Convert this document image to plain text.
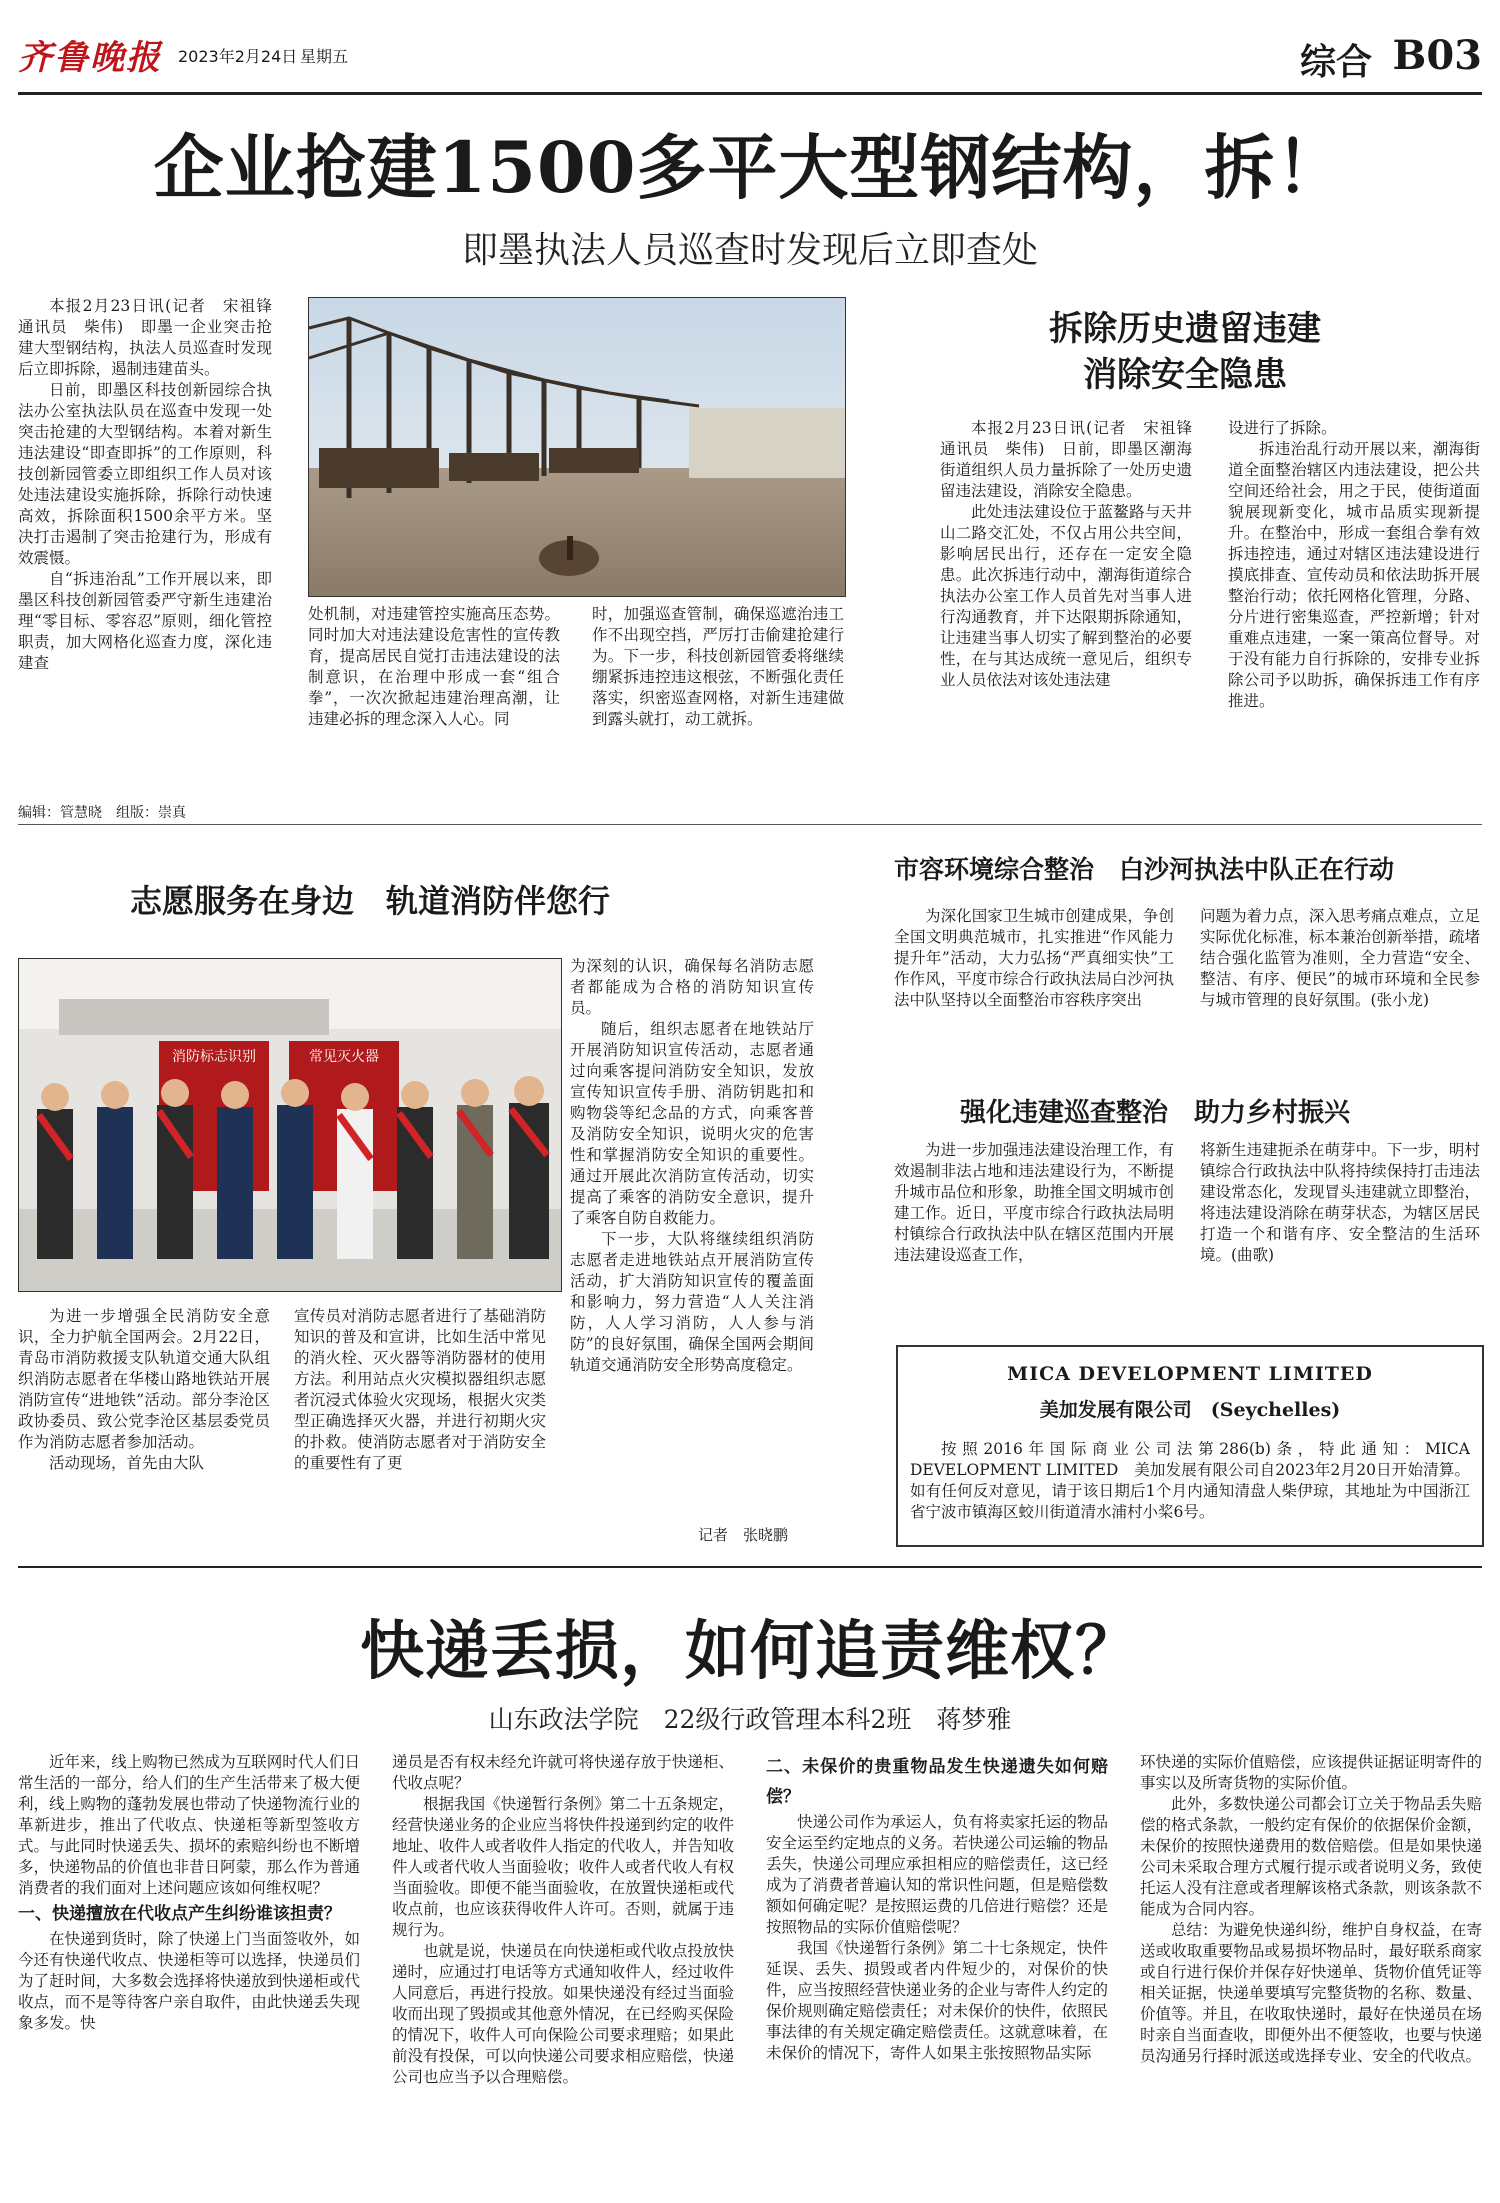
齐鲁晚报 2023年2月24日 星期五	综合 B03
企业抢建1500多平大型钢结构，拆！
即墨执法人员巡查时发现后立即查处

本报2月23日讯(记者　宋祖锋　通讯员　柴伟)　即墨一企业突击抢建大型钢结构，执法人员巡查时发现后立即拆除，遏制违建苗头。

日前，即墨区科技创新园综合执法办公室执法队员在巡查中发现一处突击抢建的大型钢结构。本着对新生违法建设“即查即拆”的工作原则，科技创新园管委立即组织工作人员对该处违法建设实施拆除，拆除行动快速高效，拆除面积1500余平方米。坚决打击遏制了突击抢建行为，形成有效震慑。

自“拆违治乱”工作开展以来，即墨区科技创新园管委严守新生违建治理“零目标、零容忍”原则，细化管控职责，加大网格化巡查力度，深化违建查

处机制，对违建管控实施高压态势。同时加大对违法建设危害性的宣传教育，提高居民自觉打击违法建设的法制意识，在治理中形成一套“组合拳”，一次次掀起违建治理高潮，让违建必拆的理念深入人心。同

时，加强巡查管制，确保巡遮治违工作不出现空挡，严厉打击偷建抢建行为。下一步，科技创新园管委将继续绷紧拆违控违这根弦，不断强化责任落实，织密巡查网格，对新生违建做到露头就打，动工就拆。

拆除历史遗留违建
消除安全隐患

本报2月23日讯(记者　宋祖锋　通讯员　柴伟)　日前，即墨区潮海街道组织人员力量拆除了一处历史遗留违法建设，消除安全隐患。

此处违法建设位于蓝鳌路与天井山二路交汇处，不仅占用公共空间，影响居民出行，还存在一定安全隐患。此次拆违行动中，潮海街道综合执法办公室工作人员首先对当事人进行沟通教育，并下达限期拆除通知，让违建当事人切实了解到整治的必要性，在与其达成统一意见后，组织专业人员依法对该处违法建

设进行了拆除。

拆违治乱行动开展以来，潮海街道全面整治辖区内违法建设，把公共空间还给社会，用之于民，使街道面貌展现新变化，城市品质实现新提升。在整治中，形成一套组合拳有效拆违控违，通过对辖区违法建设进行摸底排查、宣传动员和依法助拆开展整治行动；依托网格化管理，分路、分片进行密集巡查，严控新增；针对重难点违建，一案一策高位督导。对于没有能力自行拆除的，安排专业拆除公司予以助拆，确保拆违工作有序推进。

编辑：管慧晓　组版：崇真
志愿服务在身边　轨道消防伴您行
消防标志识别	常见灭火器

为进一步增强全民消防安全意识，全力护航全国两会。2月22日，青岛市消防救援支队轨道交通大队组织消防志愿者在华楼山路地铁站开展消防宣传“进地铁”活动。部分李沧区政协委员、致公党李沧区基层委党员作为消防志愿者参加活动。

活动现场，首先由大队

宣传员对消防志愿者进行了基础消防知识的普及和宣讲，比如生活中常见的消火栓、灭火器等消防器材的使用方法。利用站点火灾模拟器组织志愿者沉浸式体验火灾现场，根据火灾类型正确选择灭火器，并进行初期火灾的扑救。使消防志愿者对于消防安全的重要性有了更

为深刻的认识，确保每名消防志愿者都能成为合格的消防知识宣传员。

随后，组织志愿者在地铁站厅开展消防知识宣传活动，志愿者通过向乘客提问消防安全知识，发放宣传知识宣传手册、消防钥匙扣和购物袋等纪念品的方式，向乘客普及消防安全知识，说明火灾的危害性和掌握消防安全知识的重要性。通过开展此次消防宣传活动，切实提高了乘客的消防安全意识，提升了乘客自防自救能力。

下一步，大队将继续组织消防志愿者走进地铁站点开展消防宣传活动，扩大消防知识宣传的覆盖面和影响力，努力营造“人人关注消防，人人学习消防，人人参与消防”的良好氛围，确保全国两会期间轨道交通消防安全形势高度稳定。

记者　张晓鹏
市容环境综合整治　白沙河执法中队正在行动

为深化国家卫生城市创建成果，争创全国文明典范城市，扎实推进“作风能力提升年”活动，大力弘扬“严真细实快”工作作风，平度市综合行政执法局白沙河执法中队坚持以全面整治市容秩序突出

问题为着力点，深入思考痛点难点，立足实际优化标准，标本兼治创新举措，疏堵结合强化监管为准则，全力营造“安全、整洁、有序、便民”的城市环境和全民参与城市管理的良好氛围。(张小龙)

强化违建巡查整治　助力乡村振兴

为进一步加强违法建设治理工作，有效遏制非法占地和违法建设行为，不断提升城市品位和形象，助推全国文明城市创建工作。近日，平度市综合行政执法局明村镇综合行政执法中队在辖区范围内开展违法建设巡查工作，

将新生违建扼杀在萌芽中。下一步，明村镇综合行政执法中队将持续保持打击违法建设常态化，发现冒头违建就立即整治，将违法建设消除在萌芽状态，为辖区居民打造一个和谐有序、安全整洁的生活环境。(曲歌)

MICA DEVELOPMENT LIMITED
美加发展有限公司　(Seychelles)

按照2016年国际商业公司法第286(b)条，特此通知：MICA DEVELOPMENT LIMITED　美加发展有限公司自2023年2月20日开始清算。如有任何反对意见，请于该日期后1个月内通知清盘人柴伊琼，其地址为中国浙江省宁波市镇海区蛟川街道清水浦村小桨6号。

快递丢损，如何追责维权？
山东政法学院　22级行政管理本科2班　蒋梦雅

近年来，线上购物已然成为互联网时代人们日常生活的一部分，给人们的生产生活带来了极大便利，线上购物的蓬勃发展也带动了快递物流行业的革新进步，推出了代收点、快递柜等新型签收方式。与此同时快递丢失、损坏的索赔纠纷也不断增多，快递物品的价值也非昔日阿蒙，那么作为普通消费者的我们面对上述问题应该如何维权呢？

一、快递擅放在代收点产生纠纷谁该担责？

在快递到货时，除了快递上门当面签收外，如今还有快递代收点、快递柜等可以选择，快递员们为了赶时间，大多数会选择将快递放到快递柜或代收点，而不是等待客户亲自取件，由此快递丢失现象多发。快

递员是否有权未经允许就可将快递存放于快递柜、代收点呢？

根据我国《快递暂行条例》第二十五条规定，经营快递业务的企业应当将快件投递到约定的收件地址、收件人或者收件人指定的代收人，并告知收件人或者代收人当面验收；收件人或者代收人有权当面验收。即便不能当面验收，在放置快递柜或代收点前，也应该获得收件人许可。否则，就属于违规行为。

也就是说，快递员在向快递柜或代收点投放快递时，应通过打电话等方式通知收件人，经过收件人同意后，再进行投放。如果快递没有经过当面验收而出现了毁损或其他意外情况，在已经购买保险的情况下，收件人可向保险公司要求理赔；如果此前没有投保，可以向快递公司要求相应赔偿，快递公司也应当予以合理赔偿。

二、未保价的贵重物品发生快递遗失如何赔偿？

快递公司作为承运人，负有将卖家托运的物品安全运至约定地点的义务。若快递公司运输的物品丢失，快递公司理应承担相应的赔偿责任，这已经成为了消费者普遍认知的常识性问题，但是赔偿数额如何确定呢？是按照运费的几倍进行赔偿？还是按照物品的实际价值赔偿呢？

我国《快递暂行条例》第二十七条规定，快件延误、丢失、损毁或者内件短少的，对保价的快件，应当按照经营快递业务的企业与寄件人约定的保价规则确定赔偿责任；对未保价的快件，依照民事法律的有关规定确定赔偿责任。这就意味着，在未保价的情况下，寄件人如果主张按照物品实际

环快递的实际价值赔偿，应该提供证据证明寄件的事实以及所寄货物的实际价值。

此外，多数快递公司都会订立关于物品丢失赔偿的格式条款，一般约定有保价的依据保价金额，未保价的按照快递费用的数倍赔偿。但是如果快递公司未采取合理方式履行提示或者说明义务，致使托运人没有注意或者理解该格式条款，则该条款不能成为合同内容。

总结：为避免快递纠纷，维护自身权益，在寄送或收取重要物品或易损坏物品时，最好联系商家或自行进行保价并保存好快递单、货物价值凭证等相关证据，快递单要填写完整货物的名称、数量、价值等。并且，在收取快递时，最好在快递员在场时亲自当面查收，即便外出不便签收，也要与快递员沟通另行择时派送或选择专业、安全的代收点。
